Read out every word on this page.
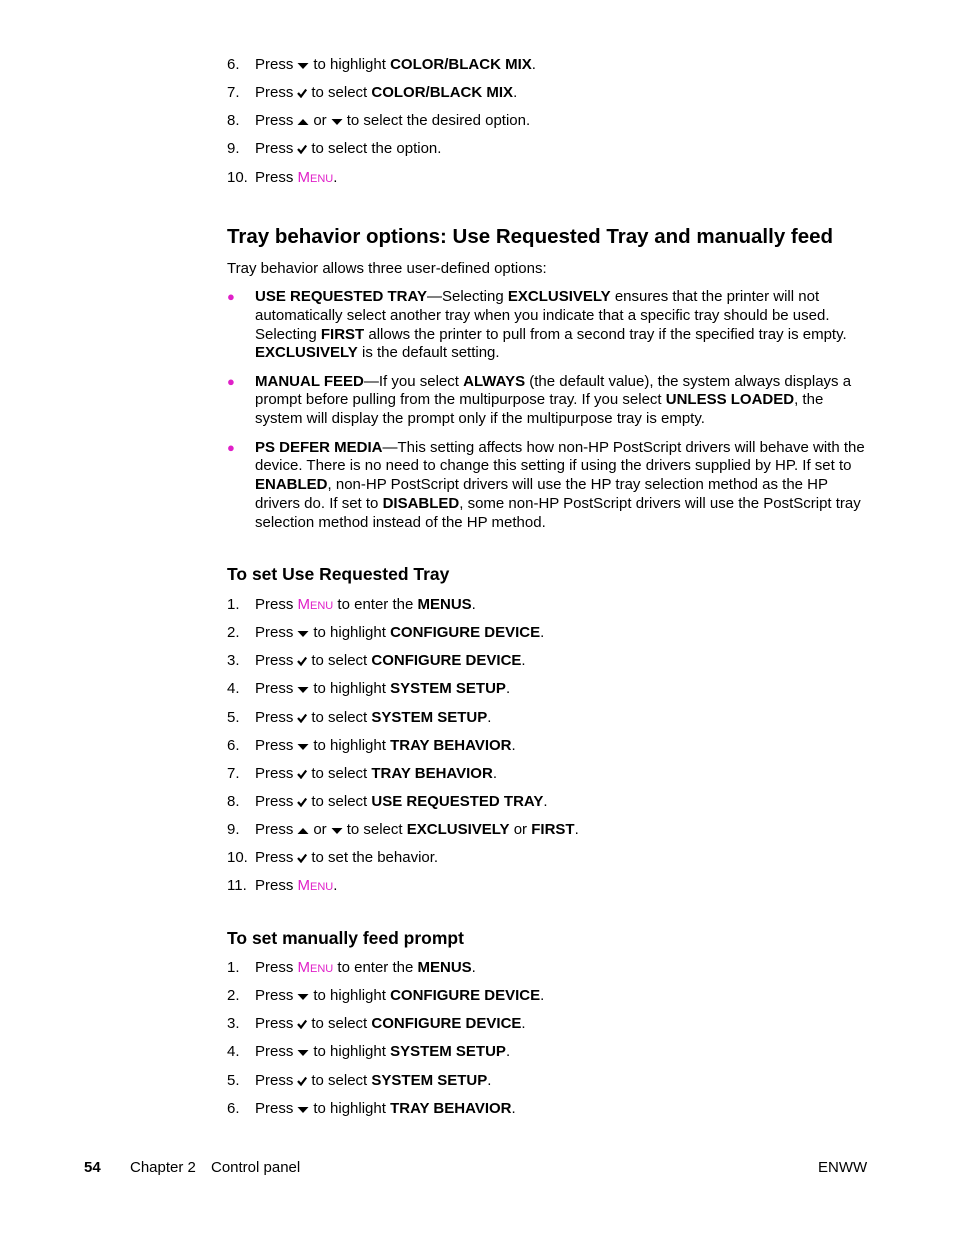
6. Press to highlight COLOR/BLACK MIX.
7. Press to select COLOR/BLACK MIX.
8. Press or to select the desired option.
9. Press to select the option.
10. Press Menu.
Tray behavior options: Use Requested Tray and manually feed
Tray behavior allows three user-defined options:
● USE REQUESTED TRAY—Selecting EXCLUSIVELY ensures that the printer will not automatically select another tray when you indicate that a specific tray should be used. Selecting FIRST allows the printer to pull from a second tray if the specified tray is empty. EXCLUSIVELY is the default setting.
● MANUAL FEED—If you select ALWAYS (the default value), the system always displays a prompt before pulling from the multipurpose tray. If you select UNLESS LOADED, the system will display the prompt only if the multipurpose tray is empty.
● PS DEFER MEDIA—This setting affects how non-HP PostScript drivers will behave with the device. There is no need to change this setting if using the drivers supplied by HP. If set to ENABLED, non-HP PostScript drivers will use the HP tray selection method as the HP drivers do. If set to DISABLED, some non-HP PostScript drivers will use the PostScript tray selection method instead of the HP method.
To set Use Requested Tray
1. Press Menu to enter the MENUS.
2. Press to highlight CONFIGURE DEVICE.
3. Press to select CONFIGURE DEVICE.
4. Press to highlight SYSTEM SETUP.
5. Press to select SYSTEM SETUP.
6. Press to highlight TRAY BEHAVIOR.
7. Press to select TRAY BEHAVIOR.
8. Press to select USE REQUESTED TRAY.
9. Press or to select EXCLUSIVELY or FIRST.
10. Press to set the behavior.
11. Press Menu.
To set manually feed prompt
1. Press Menu to enter the MENUS.
2. Press to highlight CONFIGURE DEVICE.
3. Press to select CONFIGURE DEVICE.
4. Press to highlight SYSTEM SETUP.
5. Press to select SYSTEM SETUP.
6. Press to highlight TRAY BEHAVIOR.
54 Chapter 2 Control panel	ENWW
